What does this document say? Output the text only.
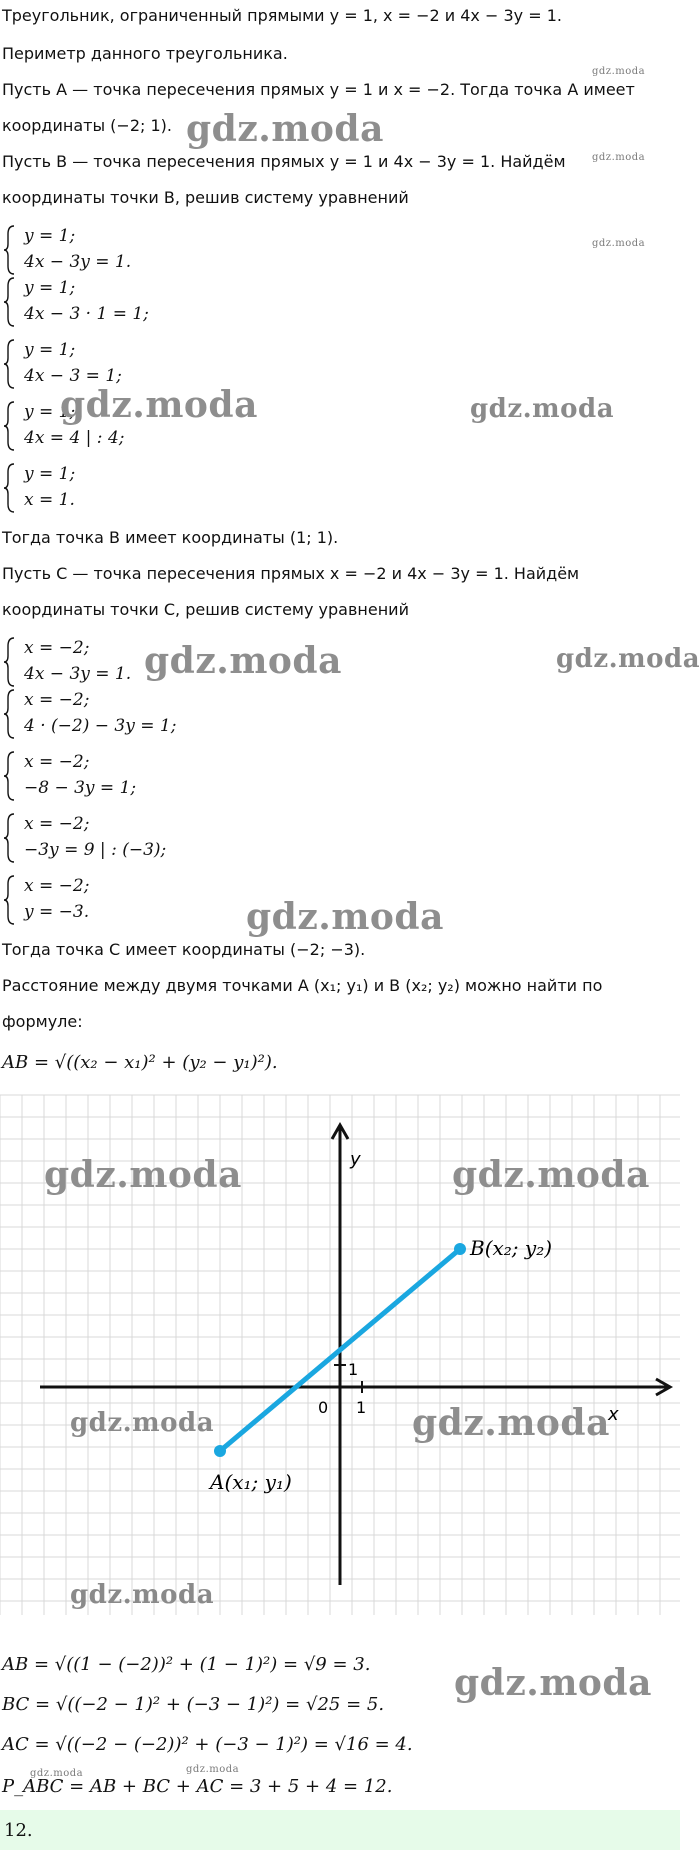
Треугольник, ограниченный прямыми y = 1, x = −2 и 4x − 3y = 1.
Периметр данного треугольника.
Пусть A — точка пересечения прямых y = 1 и x = −2. Тогда точка A имеет
координаты (−2; 1).
Пусть B — точка пересечения прямых y = 1 и 4x − 3y = 1. Найдём
координаты точки B, решив систему уравнений
y = 1;
4x − 3y = 1.
y = 1;
4x − 3 · 1 = 1;
y = 1;
4x − 3 = 1;
y = 1;
4x = 4 | : 4;
y = 1;
x = 1.
Тогда точка B имеет координаты (1; 1).
Пусть C — точка пересечения прямых x = −2 и 4x − 3y = 1. Найдём
координаты точки C, решив систему уравнений
x = −2;
4x − 3y = 1.
x = −2;
4 · (−2) − 3y = 1;
x = −2;
−8 − 3y = 1;
x = −2;
−3y = 9 | : (−3);
x = −2;
y = −3.
Тогда точка C имеет координаты (−2; −3).
Расстояние между двумя точками A (x₁; y₁) и B (x₂; y₂) можно найти по
формуле:
AB = √((x₂ − x₁)² + (y₂ − y₁)²).
x
y
0 1
1
A(x₁; y₁)
B(x₂; y₂)
AB = √((1 − (−2))² + (1 − 1)²) = √9 = 3.
BC = √((−2 − 1)² + (−3 − 1)²) = √25 = 5.
AC = √((−2 − (−2))² + (−3 − 1)²) = √16 = 4.
P_ABC = AB + BC + AC = 3 + 5 + 4 = 12.
12.
gdz.moda
gdz.moda
gdz.moda
gdz.moda
gdz.moda	gdz.moda
gdz.moda	gdz.moda
gdz.moda
gdz.moda	gdz.moda
gdz.moda	gdz.moda
gdz.moda
gdz.moda
gdz.moda	gdz.moda
